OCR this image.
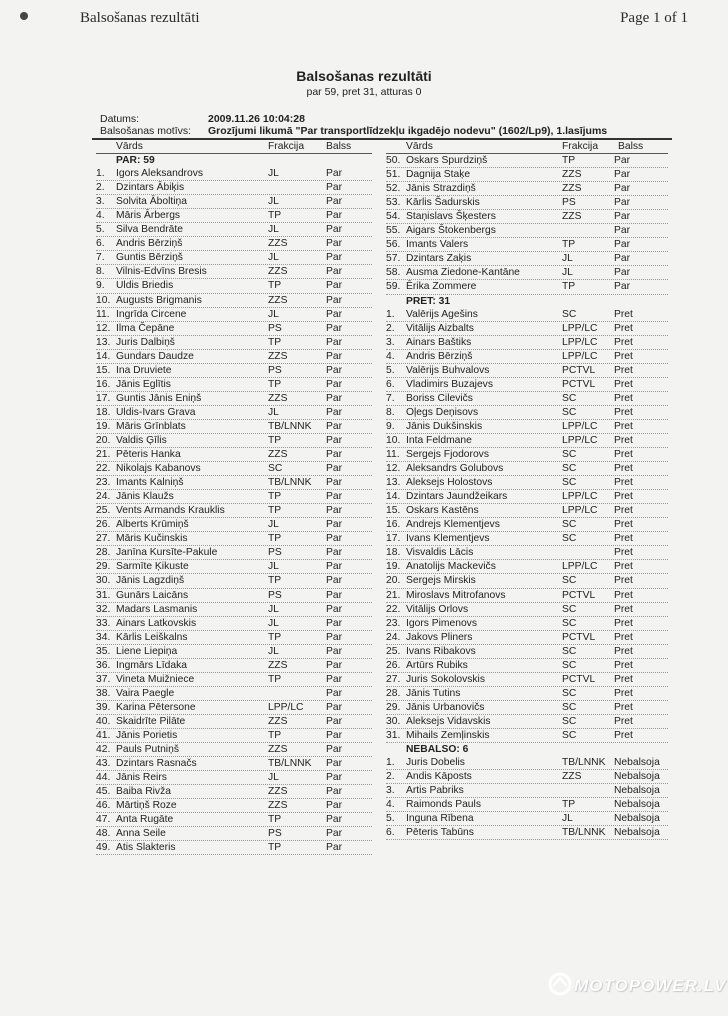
Balsošanas rezultāti	Page 1 of 1
Balsošanas rezultāti
par 59, pret 31, atturas 0
Datums:	2009.11.26 10:04:28
Balsošanas motīvs: Grozījumi likumā "Par transportlīdzekļu ikgadējo nodevu" (1602/Lp9), 1.lasījums
Vārds	Frakcija Balss
PAR: 59
1. Igors Aleksandrovs	JL	Par
2. Dzintars Ābiķis	Par
3. Solvita Āboltiņa	JL	Par
4. Māris Ārbergs	TP	Par
5. Silva Bendrāte	JL	Par
6. Andris Bērziņš	ZZS	Par
7. Guntis Bērziņš	JL	Par
8. Vilnis-Edvīns Bresis	ZZS	Par
9. Uldis Briedis	TP	Par
10. Augusts Brigmanis	ZZS	Par
11. Ingrīda Circene	JL	Par
12. Ilma Čepāne	PS	Par
13. Juris Dalbiņš	TP	Par
14. Gundars Daudze	ZZS	Par
15. Ina Druviete	PS	Par
16. Jānis Eglītis	TP	Par
17. Guntis Jānis Eniņš	ZZS	Par
18. Uldis-Ivars Grava	JL	Par
19. Māris Grīnblats	TB/LNNK Par
20. Valdis Ģīlis	TP	Par
21. Pēteris Hanka	ZZS	Par
22. Nikolajs Kabanovs	SC	Par
23. Imants Kalniņš	TB/LNNK Par
24. Jānis Klaužs	TP	Par
25. Vents Armands Krauklis	TP	Par
26. Alberts Krūmiņš	JL	Par
27. Māris Kučinskis	TP	Par
28. Janīna Kursīte-Pakule	PS	Par
29. Sarmīte Ķikuste	JL	Par
30. Jānis Lagzdiņš	TP	Par
31. Gunārs Laicāns	PS	Par
32. Madars Lasmanis	JL	Par
33. Ainars Latkovskis	JL	Par
34. Kārlis Leiškalns	TP	Par
35. Liene Liepiņa	JL	Par
36. Ingmārs Līdaka	ZZS	Par
37. Vineta Muižniece	TP	Par
38. Vaira Paegle	Par
39. Karina Pētersone	LPP/LC Par
40. Skaidrīte Pilāte	ZZS	Par
41. Jānis Porietis	TP	Par
42. Pauls Putniņš	ZZS	Par
43. Dzintars Rasnačs	TB/LNNK Par
44. Jānis Reirs	JL	Par
45. Baiba Rivža	ZZS	Par
46. Mārtiņš Roze	ZZS	Par
47. Anta Rugāte	TP	Par
48. Anna Seile	PS	Par
49. Atis Slakteris	TP	Par
Vārds	Frakcija Balss
50. Oskars Spurdziņš	TP	Par
51. Dagnija Staķe	ZZS	Par
52. Jānis Strazdiņš	ZZS	Par
53. Kārlis Šadurskis	PS	Par
54. Staņislavs Šķesters	ZZS	Par
55. Aigars Štokenbergs	Par
56. Imants Valers	TP	Par
57. Dzintars Zaķis	JL	Par
58. Ausma Ziedone-Kantāne	JL	Par
59. Ērika Zommere	TP	Par
PRET: 31
1. Valērijs Agešins	SC	Pret
2. Vitālijs Aizbalts	LPP/LC Pret
3. Ainars Baštiks	LPP/LC Pret
4. Andris Bērziņš	LPP/LC Pret
5. Valērijs Buhvalovs	PCTVL Pret
6. Vladimirs Buzajevs	PCTVL Pret
7. Boriss Cilevičs	SC	Pret
8. Oļegs Deņisovs	SC	Pret
9. Jānis Dukšinskis	LPP/LC Pret
10. Inta Feldmane	LPP/LC Pret
11. Sergejs Fjodorovs	SC	Pret
12. Aleksandrs Golubovs	SC	Pret
13. Aleksejs Holostovs	SC	Pret
14. Dzintars Jaundžeikars	LPP/LC Pret
15. Oskars Kastēns	LPP/LC Pret
16. Andrejs Klementjevs	SC	Pret
17. Ivans Klementjevs	SC	Pret
18. Visvaldis Lācis	Pret
19. Anatolijs Mackevičs	LPP/LC Pret
20. Sergejs Mirskis	SC	Pret
21. Miroslavs Mitrofanovs	PCTVL Pret
22. Vitālijs Orlovs	SC	Pret
23. Igors Pimenovs	SC	Pret
24. Jakovs Pliners	PCTVL Pret
25. Ivans Ribakovs	SC	Pret
26. Artūrs Rubiks	SC	Pret
27. Juris Sokolovskis	PCTVL Pret
28. Jānis Tutins	SC	Pret
29. Jānis Urbanovičs	SC	Pret
30. Aleksejs Vidavskis	SC	Pret
31. Mihails Zemļinskis	SC	Pret
NEBALSO: 6
1. Juris Dobelis	TB/LNNK Nebalsoja
2. Andis Kāposts	ZZS	Nebalsoja
3. Artis Pabriks	Nebalsoja
4. Raimonds Pauls	TP	Nebalsoja
5. Inguna Rībena	JL	Nebalsoja
6. Pēteris Tabūns	TB/LNNK Nebalsoja
MOTOPOWER.LV
